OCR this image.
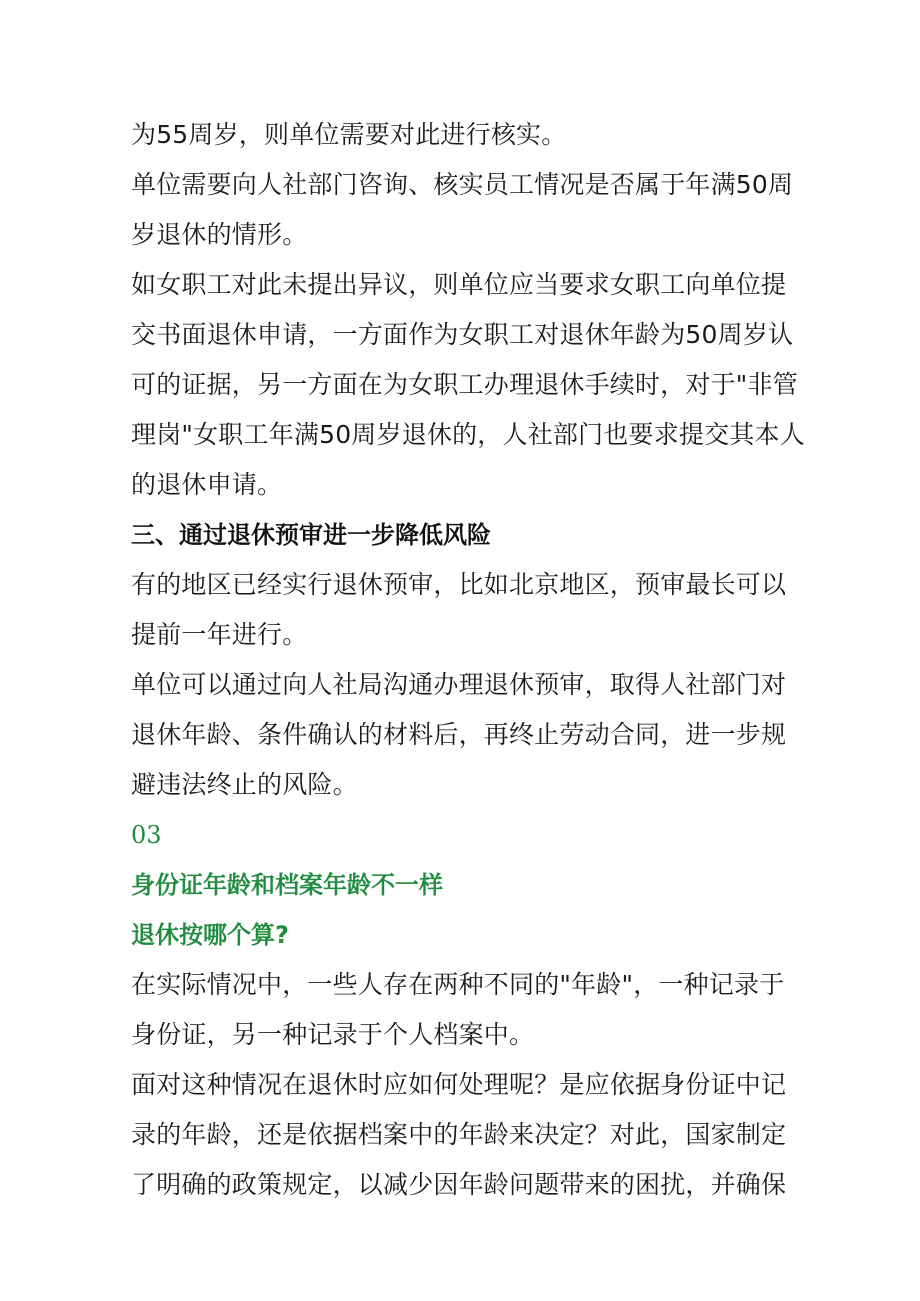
为55周岁，则单位需要对此进行核实。

单位需要向人社部门咨询、核实员工情况是否属于年满50周
岁退休的情形。

如女职工对此未提出异议，则单位应当要求女职工向单位提
交书面退休申请，一方面作为女职工对退休年龄为50周岁认
可的证据，另一方面在为女职工办理退休手续时，对于"非管
理岗"女职工年满50周岁退休的，人社部门也要求提交其本人
的退休申请。

三、通过退休预审进一步降低风险

有的地区已经实行退休预审，比如北京地区，预审最长可以
提前一年进行。

单位可以通过向人社局沟通办理退休预审，取得人社部门对
退休年龄、条件确认的材料后，再终止劳动合同，进一步规
避违法终止的风险。

03

身份证年龄和档案年龄不一样

退休按哪个算?

在实际情况中，一些人存在两种不同的"年龄"，一种记录于
身份证，另一种记录于个人档案中。

面对这种情况在退休时应如何处理呢？是应依据身份证中记
录的年龄，还是依据档案中的年龄来决定？对此，国家制定
了明确的政策规定，以减少因年龄问题带来的困扰，并确保
